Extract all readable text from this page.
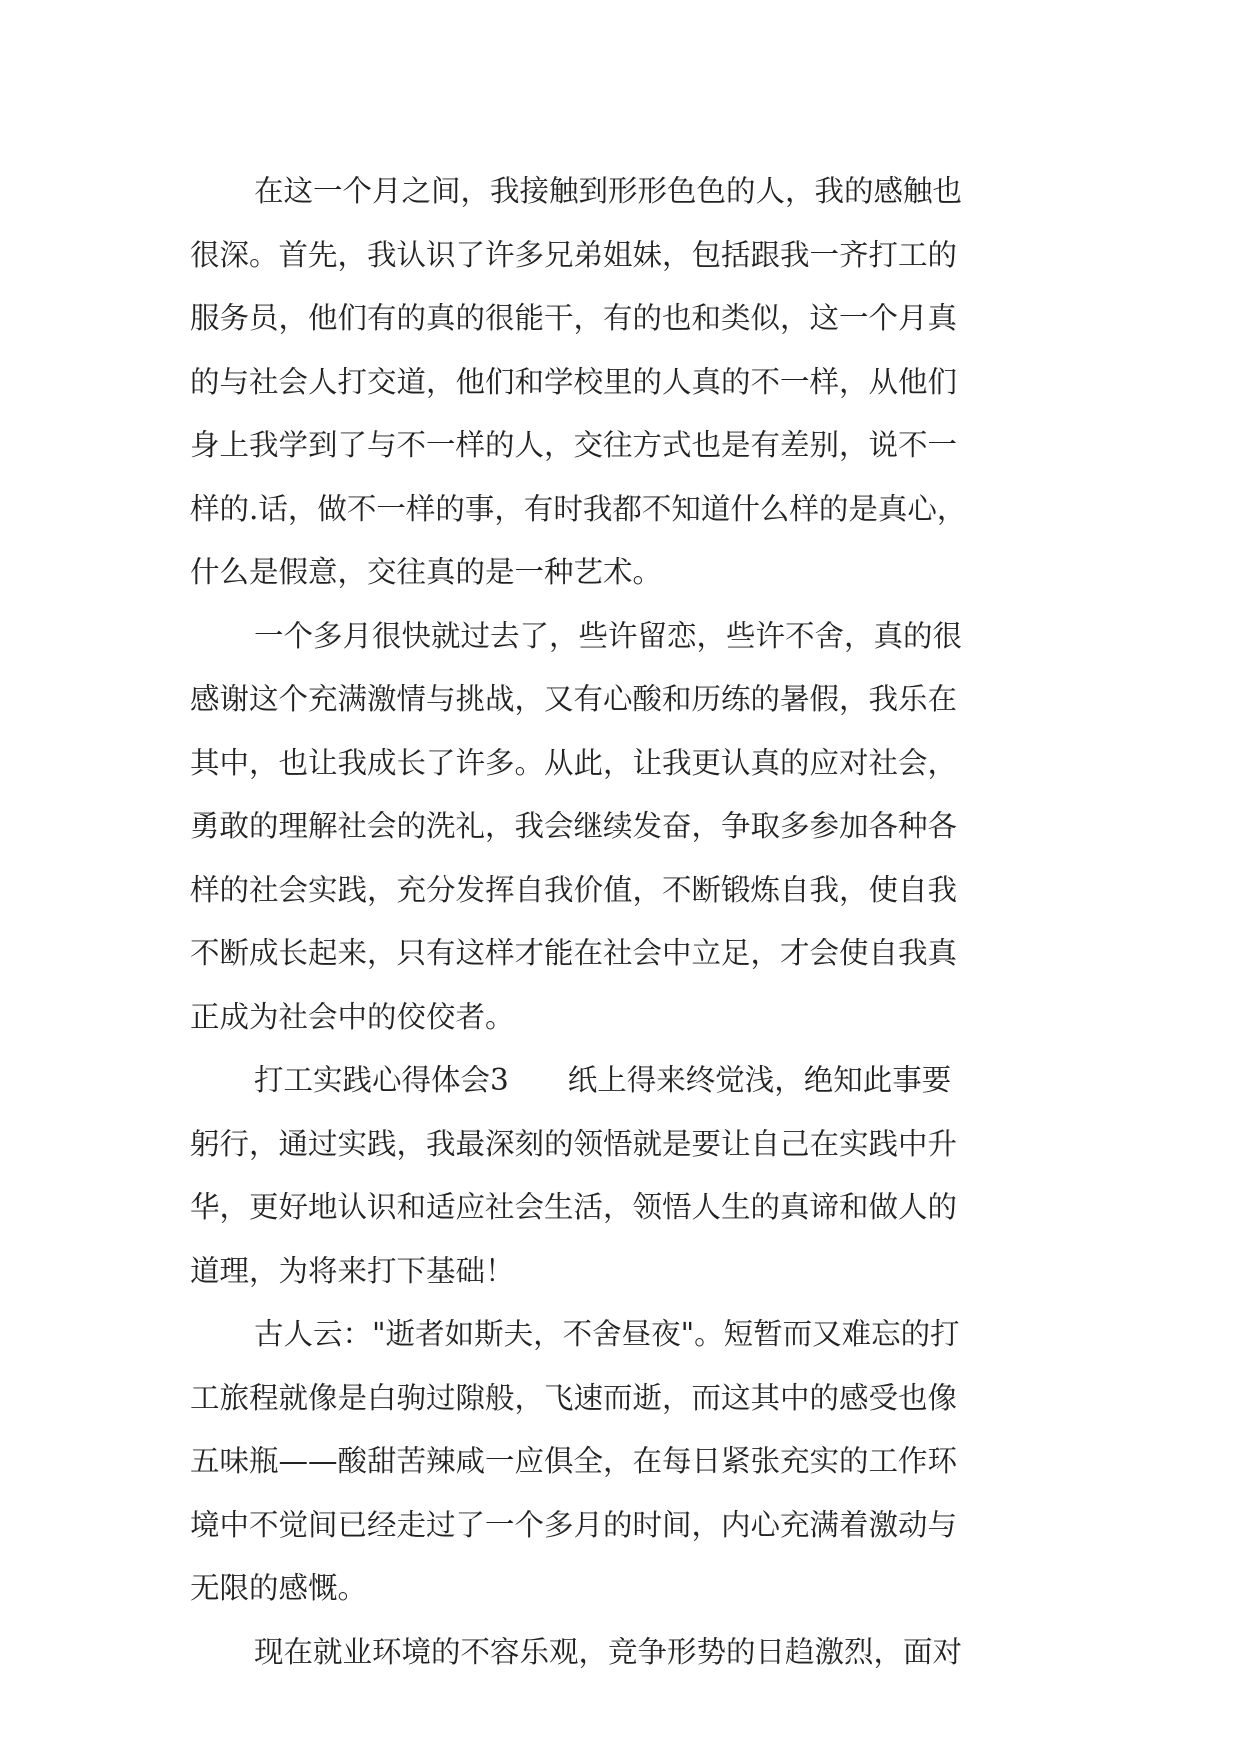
在这一个月之间，我接触到形形色色的人，我的感触也
很深。首先，我认识了许多兄弟姐妹，包括跟我一齐打工的
服务员，他们有的真的很能干，有的也和类似，这一个月真
的与社会人打交道，他们和学校里的人真的不一样，从他们
身上我学到了与不一样的人，交往方式也是有差别，说不一
样的.话，做不一样的事，有时我都不知道什么样的是真心，
什么是假意，交往真的是一种艺术。
一个多月很快就过去了，些许留恋，些许不舍，真的很
感谢这个充满激情与挑战，又有心酸和历练的暑假，我乐在
其中，也让我成长了许多。从此，让我更认真的应对社会，
勇敢的理解社会的洗礼，我会继续发奋，争取多参加各种各
样的社会实践，充分发挥自我价值，不断锻炼自我，使自我
不断成长起来，只有这样才能在社会中立足，才会使自我真
正成为社会中的佼佼者。
打工实践心得体会3　　纸上得来终觉浅，绝知此事要
躬行，通过实践，我最深刻的领悟就是要让自己在实践中升
华，更好地认识和适应社会生活，领悟人生的真谛和做人的
道理，为将来打下基础！
古人云："逝者如斯夫，不舍昼夜"。短暂而又难忘的打
工旅程就像是白驹过隙般，飞速而逝，而这其中的感受也像
五味瓶——酸甜苦辣咸一应俱全，在每日紧张充实的工作环
境中不觉间已经走过了一个多月的时间，内心充满着激动与
无限的感慨。
现在就业环境的不容乐观，竞争形势的日趋激烈，面对
